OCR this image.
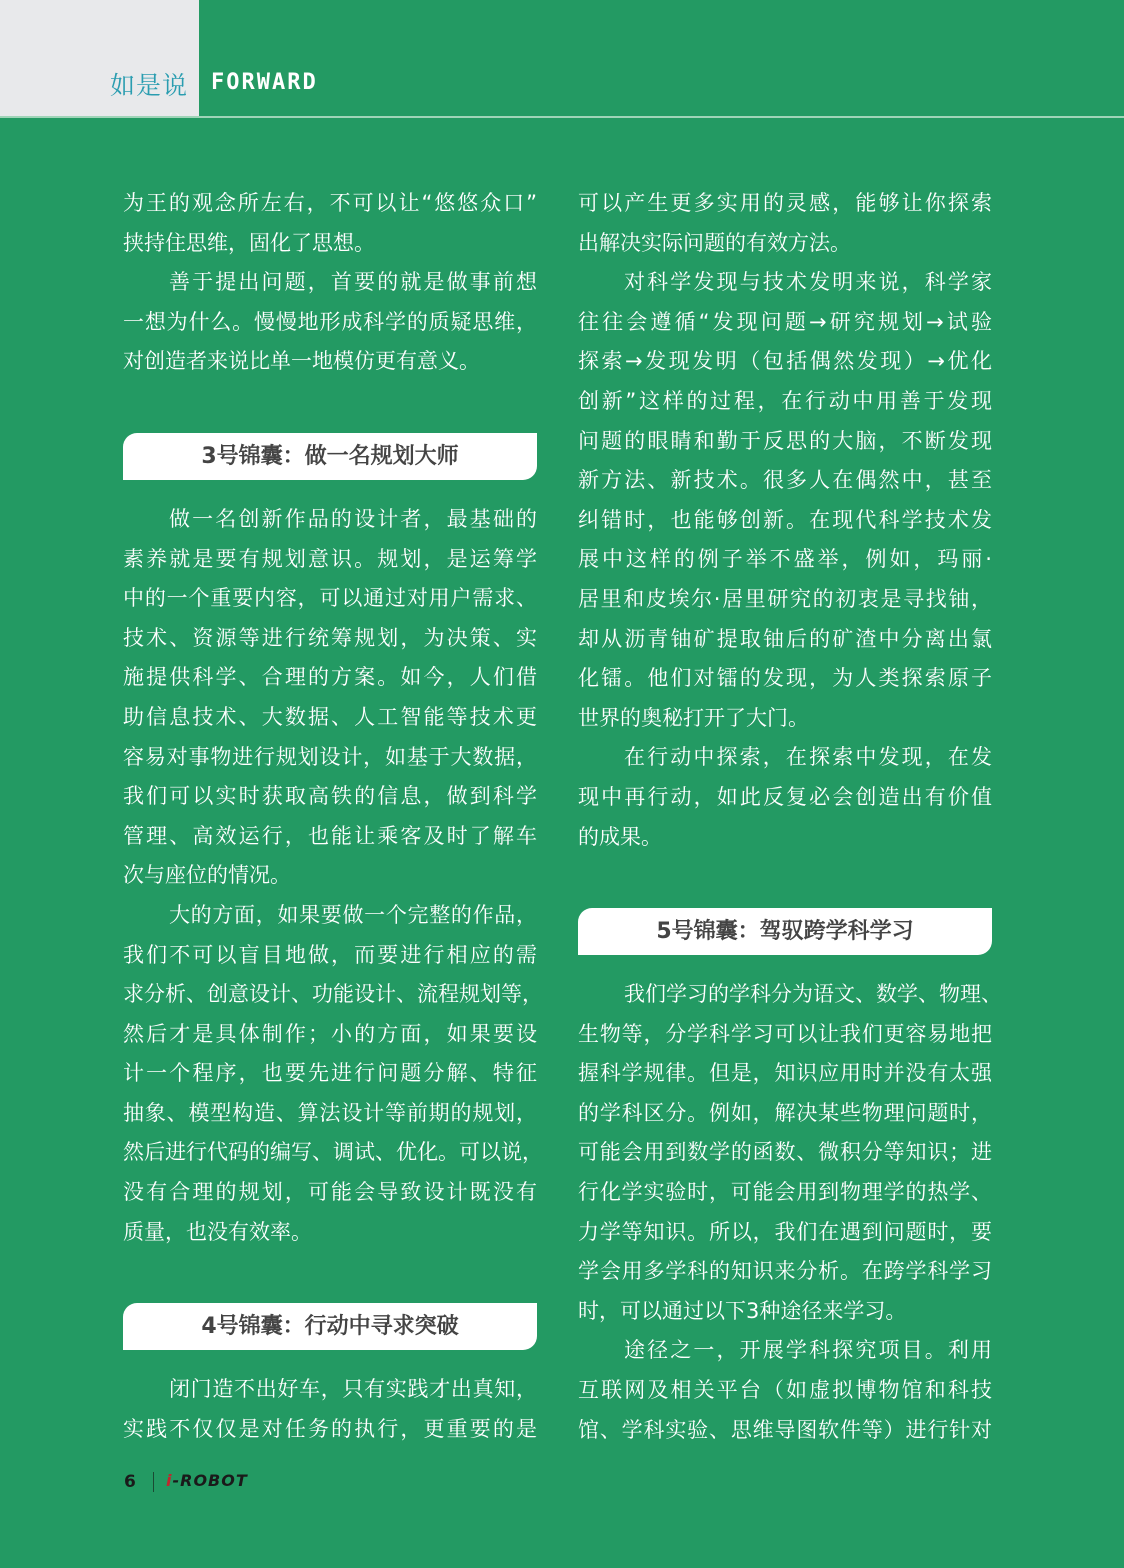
如是说 FORWARD
为王的观念所左右，不可以让“悠悠众口”
挟持住思维，固化了思想。
善于提出问题，首要的就是做事前想
一想为什么。慢慢地形成科学的质疑思维，
对创造者来说比单一地模仿更有意义。
3号锦囊：做一名规划大师
做一名创新作品的设计者，最基础的
素养就是要有规划意识。规划，是运筹学
中的一个重要内容，可以通过对用户需求、
技术、资源等进行统筹规划，为决策、实
施提供科学、合理的方案。如今，人们借
助信息技术、大数据、人工智能等技术更
容易对事物进行规划设计，如基于大数据，
我们可以实时获取高铁的信息，做到科学
管理、高效运行，也能让乘客及时了解车
次与座位的情况。
大的方面，如果要做一个完整的作品，
我们不可以盲目地做，而要进行相应的需
求分析、创意设计、功能设计、流程规划等，
然后才是具体制作；小的方面，如果要设
计一个程序，也要先进行问题分解、特征
抽象、模型构造、算法设计等前期的规划，
然后进行代码的编写、调试、优化。可以说，
没有合理的规划，可能会导致设计既没有
质量，也没有效率。
4号锦囊：行动中寻求突破
闭门造不出好车，只有实践才出真知，
实践不仅仅是对任务的执行，更重要的是
可以产生更多实用的灵感，能够让你探索
出解决实际问题的有效方法。
对科学发现与技术发明来说，科学家
往往会遵循“发现问题→研究规划→试验
探索→发现发明（包括偶然发现）→优化
创新”这样的过程，在行动中用善于发现
问题的眼睛和勤于反思的大脑，不断发现
新方法、新技术。很多人在偶然中，甚至
纠错时，也能够创新。在现代科学技术发
展中这样的例子举不盛举，例如，玛丽·
居里和皮埃尔·居里研究的初衷是寻找铀，
却从沥青铀矿提取铀后的矿渣中分离出氯
化镭。他们对镭的发现，为人类探索原子
世界的奥秘打开了大门。
在行动中探索，在探索中发现，在发
现中再行动，如此反复必会创造出有价值
的成果。
5号锦囊：驾驭跨学科学习
我们学习的学科分为语文、数学、物理、
生物等，分学科学习可以让我们更容易地把
握科学规律。但是，知识应用时并没有太强
的学科区分。例如，解决某些物理问题时，
可能会用到数学的函数、微积分等知识；进
行化学实验时，可能会用到物理学的热学、
力学等知识。所以，我们在遇到问题时，要
学会用多学科的知识来分析。在跨学科学习
时，可以通过以下3种途径来学习。
途径之一，开展学科探究项目。利用
互联网及相关平台（如虚拟博物馆和科技
馆、学科实验、思维导图软件等）进行针对
6 i-ROBOT
